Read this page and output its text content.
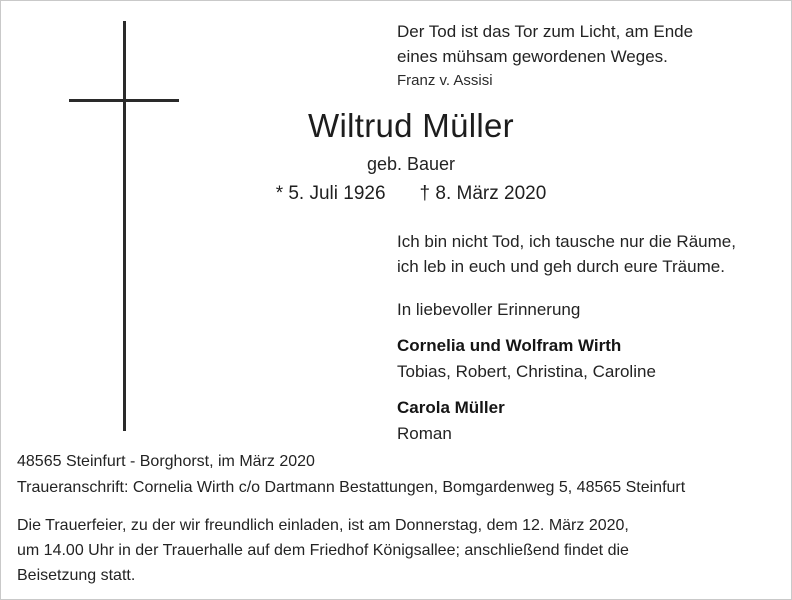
Der Tod ist das Tor zum Licht, am Ende
eines mühsam gewordenen Weges.
Franz v. Assisi
Wiltrud Müller
geb. Bauer
* 5. Juli 1926 † 8. März 2020
Ich bin nicht Tod, ich tausche nur die Räume,
ich leb in euch und geh durch eure Träume.
In liebevoller Erinnerung
Cornelia und Wolfram Wirth
Tobias, Robert, Christina, Caroline
Carola Müller
Roman
48565 Steinfurt - Borghorst, im März 2020
Traueranschrift: Cornelia Wirth c/o Dartmann Bestattungen, Bomgardenweg 5, 48565 Steinfurt
Die Trauerfeier, zu der wir freundlich einladen, ist am Donnerstag, dem 12. März 2020,
um 14.00 Uhr in der Trauerhalle auf dem Friedhof Königsallee; anschließend findet die
Beisetzung statt.
